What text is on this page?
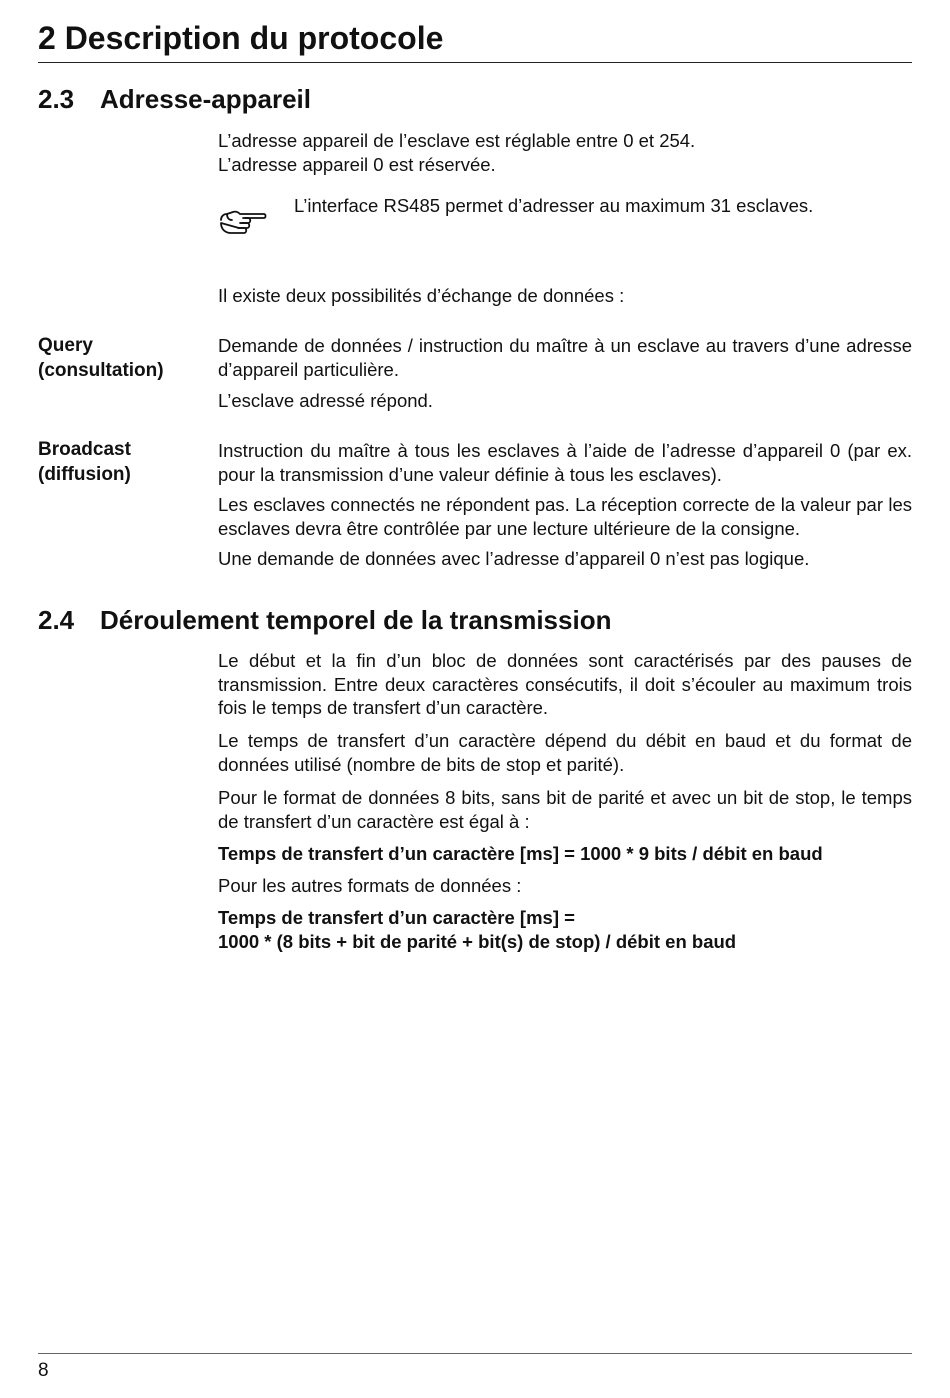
2 Description du protocole
2.3 Adresse-appareil

L’adresse appareil de l’esclave est réglable entre 0 et 254.

L’adresse appareil 0 est réservée.

L’interface RS485 permet d’adresser au maximum 31 esclaves.

Il existe deux possibilités d’échange de données :

Query
(consultation)

Demande de données / instruction du maître à un esclave au travers d’une adresse d’appareil particulière.

L’esclave adressé répond.

Broadcast
(diffusion)

Instruction du maître à tous les esclaves à l’aide de l’adresse d’appareil 0 (par ex. pour la transmission d’une valeur définie à tous les esclaves).

Les esclaves connectés ne répondent pas. La réception correcte de la valeur par les esclaves devra être contrôlée par une lecture ultérieure de la consigne.

Une demande de données avec l’adresse d’appareil 0 n’est pas logique.

2.4 Déroulement temporel de la transmission

Le début et la fin d’un bloc de données sont caractérisés par des pauses de transmission. Entre deux caractères consécutifs, il doit s’écouler au maximum trois fois le temps de transfert d’un caractère.

Le temps de transfert d’un caractère dépend du débit en baud et du format de données utilisé (nombre de bits de stop et parité).

Pour le format de données 8 bits, sans bit de parité et avec un bit de stop, le temps de transfert d’un caractère est égal à :

Temps de transfert d’un caractère [ms] = 1000 * 9 bits / débit en baud

Pour les autres formats de données :

Temps de transfert d’un caractère [ms] =

1000 * (8 bits + bit de parité + bit(s) de stop) / débit en baud

8
